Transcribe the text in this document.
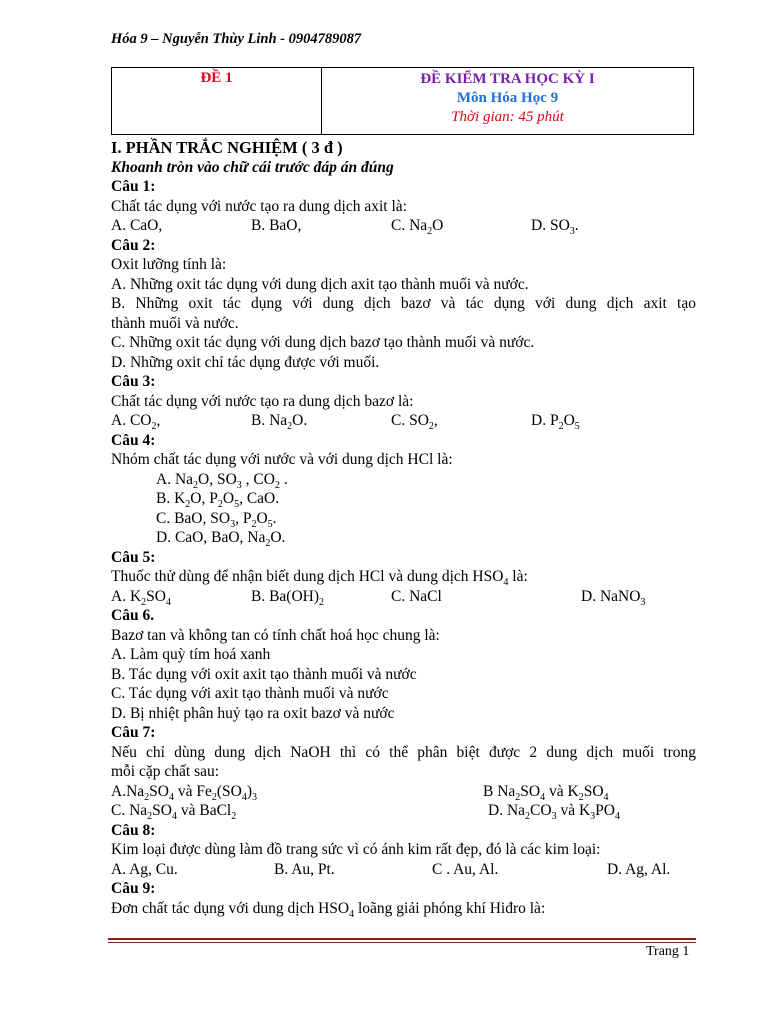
Hóa 9 – Nguyễn Thùy Linh - 0904789087
ĐỀ 1	ĐỀ KIỂM TRA HỌC KỲ I
Môn Hóa Học 9
Thời gian: 45 phút
I. PHẦN TRẮC NGHIỆM ( 3 đ )
Khoanh tròn vào chữ cái trước đáp án đúng
Câu 1:
Chất tác dụng với nước tạo ra dung dịch axit là:
A. CaO,	B. BaO,	C. $Na_2O$	D. $SO_3$.
Câu 2:
Oxit lưỡng tính là:
A. Những oxit tác dụng với dung dịch axit tạo thành muối và nước.
B. Những oxit tác dụng với dung dịch bazơ và tác dụng với dung dịch axit tạo
thành muối và nước.
C. Những oxit tác dụng với dung dịch bazơ tạo thành muối và nước.
D. Những oxit chỉ tác dụng được với muối.
Câu 3:
Chất tác dụng với nước tạo ra dung dịch bazơ là:
A. $CO_2$,	B. $Na_2O$.	C. $SO_2$,	D. $P_2O_5$
Câu 4:
Nhóm chất tác dụng với nước và với dung dịch HCl là:
A. $Na_2O$, $SO_3$ , $CO_2$ .
B. $K_2O$, $P_2O_5$, CaO.
C. BaO, $SO_3$, $P_2O_5$.
D. CaO, BaO, $Na_2O$.
Câu 5:
Thuốc thử dùng để nhận biết dung dịch HCl và dung dịch $HSO_4$ là:
A. $K_2SO_4$	B. $Ba(OH)_2$	C. NaCl	D. NaNO$_3$
Câu 6.
Bazơ tan và không tan có tính chất hoá học chung là:
A. Làm quỳ tím hoá xanh
B. Tác dụng với oxit axit tạo thành muối và nước
C. Tác dụng với axit tạo thành muối và nước
D. Bị nhiệt phân huỷ tạo ra oxit bazơ và nước
Câu 7:
Nếu chỉ dùng dung dịch NaOH thì có thể phân biệt được 2 dung dịch muối trong
mỗi cặp chất sau:
$A.Na_2SO_4$ và $Fe_2(SO_4)_3$	B $Na_2SO_4$ và $K_2SO_4$
C. $Na_2SO_4$ và BaCl$_2$	D. $Na_2CO_3$ và $K_3PO_4$
Câu 8:
Kim loại được dùng làm đồ trang sức vì có ánh kim rất đẹp, đó là các kim loại:
A. Ag, Cu.	B. Au, Pt.	C . Au, Al.	D. Ag, Al.
Câu 9:
Đơn chất tác dụng với dung dịch $HSO_4$ loãng giải phóng khí Hiđro là:
Trang 1
